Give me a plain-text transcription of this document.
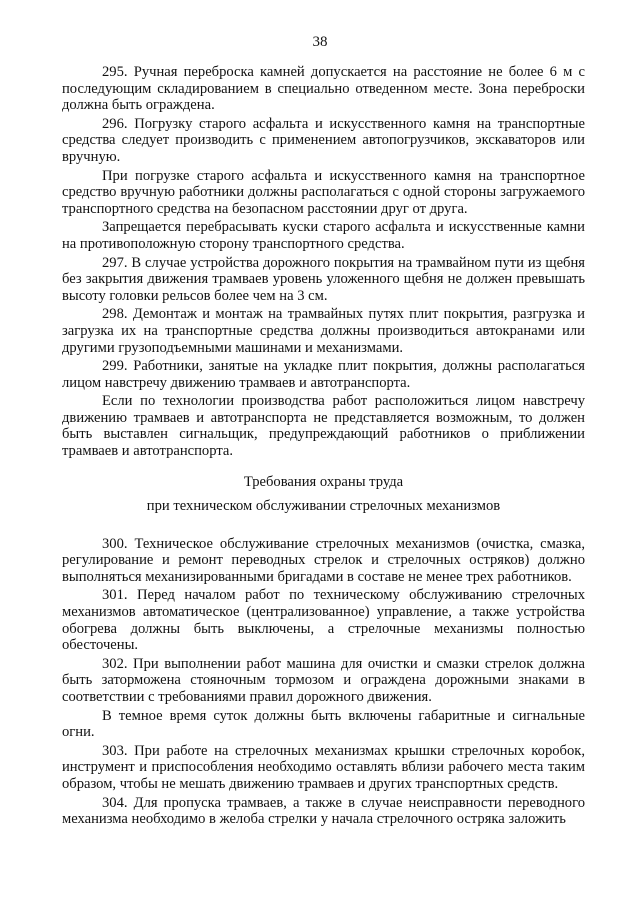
38

295. Ручная переброска камней допускается на расстояние не более 6 м с последующим складированием в специально отведенном месте. Зона переброски должна быть ограждена.

296. Погрузку старого асфальта и искусственного камня на транспортные средства следует производить с применением автопогрузчиков, экскаваторов или вручную.

При погрузке старого асфальта и искусственного камня на транспортное средство вручную работники должны располагаться с одной стороны загружаемого транспортного средства на безопасном расстоянии друг от друга.

Запрещается перебрасывать куски старого асфальта и искусственные камни на противоположную сторону транспортного средства.

297. В случае устройства дорожного покрытия на трамвайном пути из щебня без закрытия движения трамваев уровень уложенного щебня не должен превышать высоту головки рельсов более чем на 3 см.

298. Демонтаж и монтаж на трамвайных путях плит покрытия, разгрузка и загрузка их на транспортные средства должны производиться автокранами или другими грузоподъемными машинами и механизмами.

299. Работники, занятые на укладке плит покрытия, должны располагаться лицом навстречу движению трамваев и автотранспорта.

Если по технологии производства работ расположиться лицом навстречу движению трамваев и автотранспорта не представляется возможным, то должен быть выставлен сигнальщик, предупреждающий работников о приближении трамваев и автотранспорта.

Требования охраны труда
при техническом обслуживании стрелочных механизмов

300. Техническое обслуживание стрелочных механизмов (очистка, смазка, регулирование и ремонт переводных стрелок и стрелочных остряков) должно выполняться механизированными бригадами в составе не менее трех работников.

301. Перед началом работ по техническому обслуживанию стрелочных механизмов автоматическое (централизованное) управление, а также устройства обогрева должны быть выключены, а стрелочные механизмы полностью обесточены.

302. При выполнении работ машина для очистки и смазки стрелок должна быть заторможена стояночным тормозом и ограждена дорожными знаками в соответствии с требованиями правил дорожного движения.

В темное время суток должны быть включены габаритные и сигнальные огни.

303. При работе на стрелочных механизмах крышки стрелочных коробок, инструмент и приспособления необходимо оставлять вблизи рабочего места таким образом, чтобы не мешать движению трамваев и других транспортных средств.

304. Для пропуска трамваев, а также в случае неисправности переводного механизма необходимо в желоба стрелки у начала стрелочного остряка заложить
